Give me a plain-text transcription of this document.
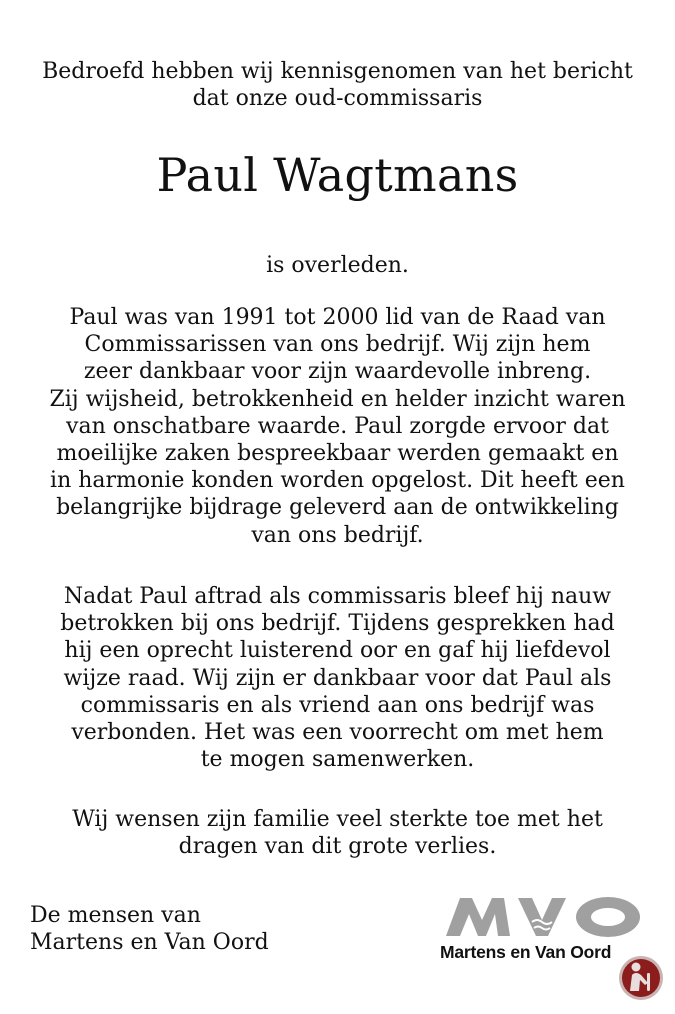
Bedroefd hebben wij kennisgenomen van het bericht
dat onze oud-commissaris
Paul Wagtmans
is overleden.
Paul was van 1991 tot 2000 lid van de Raad van
Commissarissen van ons bedrijf. Wij zijn hem
zeer dankbaar voor zijn waardevolle inbreng.
Zij wijsheid, betrokkenheid en helder inzicht waren
van onschatbare waarde. Paul zorgde ervoor dat
moeilijke zaken bespreekbaar werden gemaakt en
in harmonie konden worden opgelost. Dit heeft een
belangrijke bijdrage geleverd aan de ontwikkeling
van ons bedrijf.
Nadat Paul aftrad als commissaris bleef hij nauw
betrokken bij ons bedrijf. Tijdens gesprekken had
hij een oprecht luisterend oor en gaf hij liefdevol
wijze raad. Wij zijn er dankbaar voor dat Paul als
commissaris en als vriend aan ons bedrijf was
verbonden. Het was een voorrecht om met hem
te mogen samenwerken.
Wij wensen zijn familie veel sterkte toe met het
dragen van dit grote verlies.
De mensen van
Martens en Van Oord	Martens en Van Oord
